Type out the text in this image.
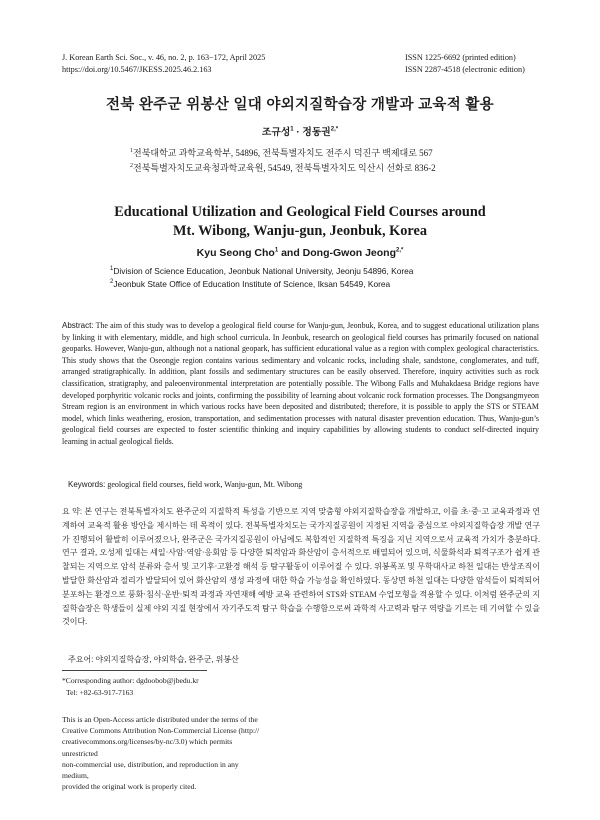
J. Korean Earth Sci. Soc., v. 46, no. 2, p. 163−172, April 2025
https://doi.org/10.5467/JKESS.2025.46.2.163
ISSN 1225-6692 (printed edition)
ISSN 2287-4518 (electronic edition)
전북 완주군 위봉산 일대 야외지질학습장 개발과 교육적 활용
조규성$^1$ · 정동권$^{2,*}$
$^1$전북대학교 과학교육학부, 54896, 전북특별자치도 전주시 덕진구 백제대로 567
$^2$전북특별자치도교육청과학교육원, 54549, 전북특별자치도 익산시 선화로 836-2
Educational Utilization and Geological Field Courses around
Mt. Wibong, Wanju-gun, Jeonbuk, Korea
Kyu Seong Cho$^1$ and Dong-Gwon Jeong$^{2,*}$
$^1$Division of Science Education, Jeonbuk National University, Jeonju 54896, Korea
$^2$Jeonbuk State Office of Education Institute of Science, Iksan 54549, Korea
Abstract: The aim of this study was to develop a geological field course for Wanju-gun, Jeonbuk, Korea, and to suggest educational utilization plans by linking it with elementary, middle, and high school curricula. In Jeonbuk, research on geological field courses has primarily focused on national geoparks. However, Wanju-gun, although not a national geopark, has sufficient educational value as a region with complex geological characteristics. This study shows that the Oseongje region contains various sedimentary and volcanic rocks, including shale, sandstone, conglomerates, and tuff, arranged stratigraphically. In addition, plant fossils and sedimentary structures can be easily observed. Therefore, inquiry activities such as rock classification, stratigraphy, and paleoenvironmental interpretation are potentially possible. The Wibong Falls and Muhakdaesa Bridge regions have developed porphyritic volcanic rocks and joints, confirming the possibility of learning about volcanic rock formation processes. The Dongsangmyeon Stream region is an environment in which various rocks have been deposited and distributed; therefore, it is possible to apply the STS or STEAM model, which links weathering, erosion, transportation, and sedimentation processes with natural disaster prevention education. Thus, Wanju-gun’s geological field courses are expected to foster scientific thinking and inquiry capabilities by allowing students to conduct self-directed inquiry learning in actual geological fields.
Keywords: geological field courses, field work, Wanju-gun, Mt. Wibong
요 약: 본 연구는 전북특별자치도 완주군의 지질학적 특성을 기반으로 지역 맞춤형 야외지질학습장을 개발하고, 이를 초·중·고 교육과정과 연계하여 교육적 활용 방안을 제시하는 데 목적이 있다. 전북특별자치도는 국가지질공원이 지정된 지역을 중심으로 야외지질학습장 개발 연구가 진행되어 활발히 이루어졌으나, 완주군은 국가지질공원이 아님에도 복합적인 지질학적 특징을 지닌 지역으로서 교육적 가치가 충분하다. 연구 결과, 오성제 일대는 셰일·사암·역암·응회암 등 다양한 퇴적암과 화산암이 층서적으로 배열되어 있으며, 식물화석과 퇴적구조가 쉽게 관찰되는 지역으로 암석 분류와 층서 및 고기후·고환경 해석 등 탐구활동이 이루어질 수 있다. 위봉폭포 및 무학대사교 하천 일대는 반상조직이 발달한 화산암과 절리가 발달되어 있어 화산암의 생성 과정에 대한 학습 가능성을 확인하였다. 동상면 하천 일대는 다양한 암석들이 퇴적되어 분포하는 환경으로 풍화·침식·운반·퇴적 과정과 자연재해 예방 교육 관련하여 STS와 STEAM 수업모형을 적용할 수 있다. 이처럼 완주군의 지질학습장은 학생들이 실제 야외 지질 현장에서 자기주도적 탐구 학습을 수행함으로써 과학적 사고력과 탐구 역량을 기르는 데 기여할 수 있을 것이다.
주요어: 야외지질학습장, 야외학습, 완주군, 위봉산
*Corresponding author: dgdoobob@jbedu.kr
Tel: +82-63-917-7163
This is an Open-Access article distributed under the terms of the
Creative Commons Attribution Non-Commercial License (http://
creativecommons.org/licenses/by-nc/3.0) which permits unrestricted
non-commercial use, distribution, and reproduction in any medium,
provided the original work is properly cited.
